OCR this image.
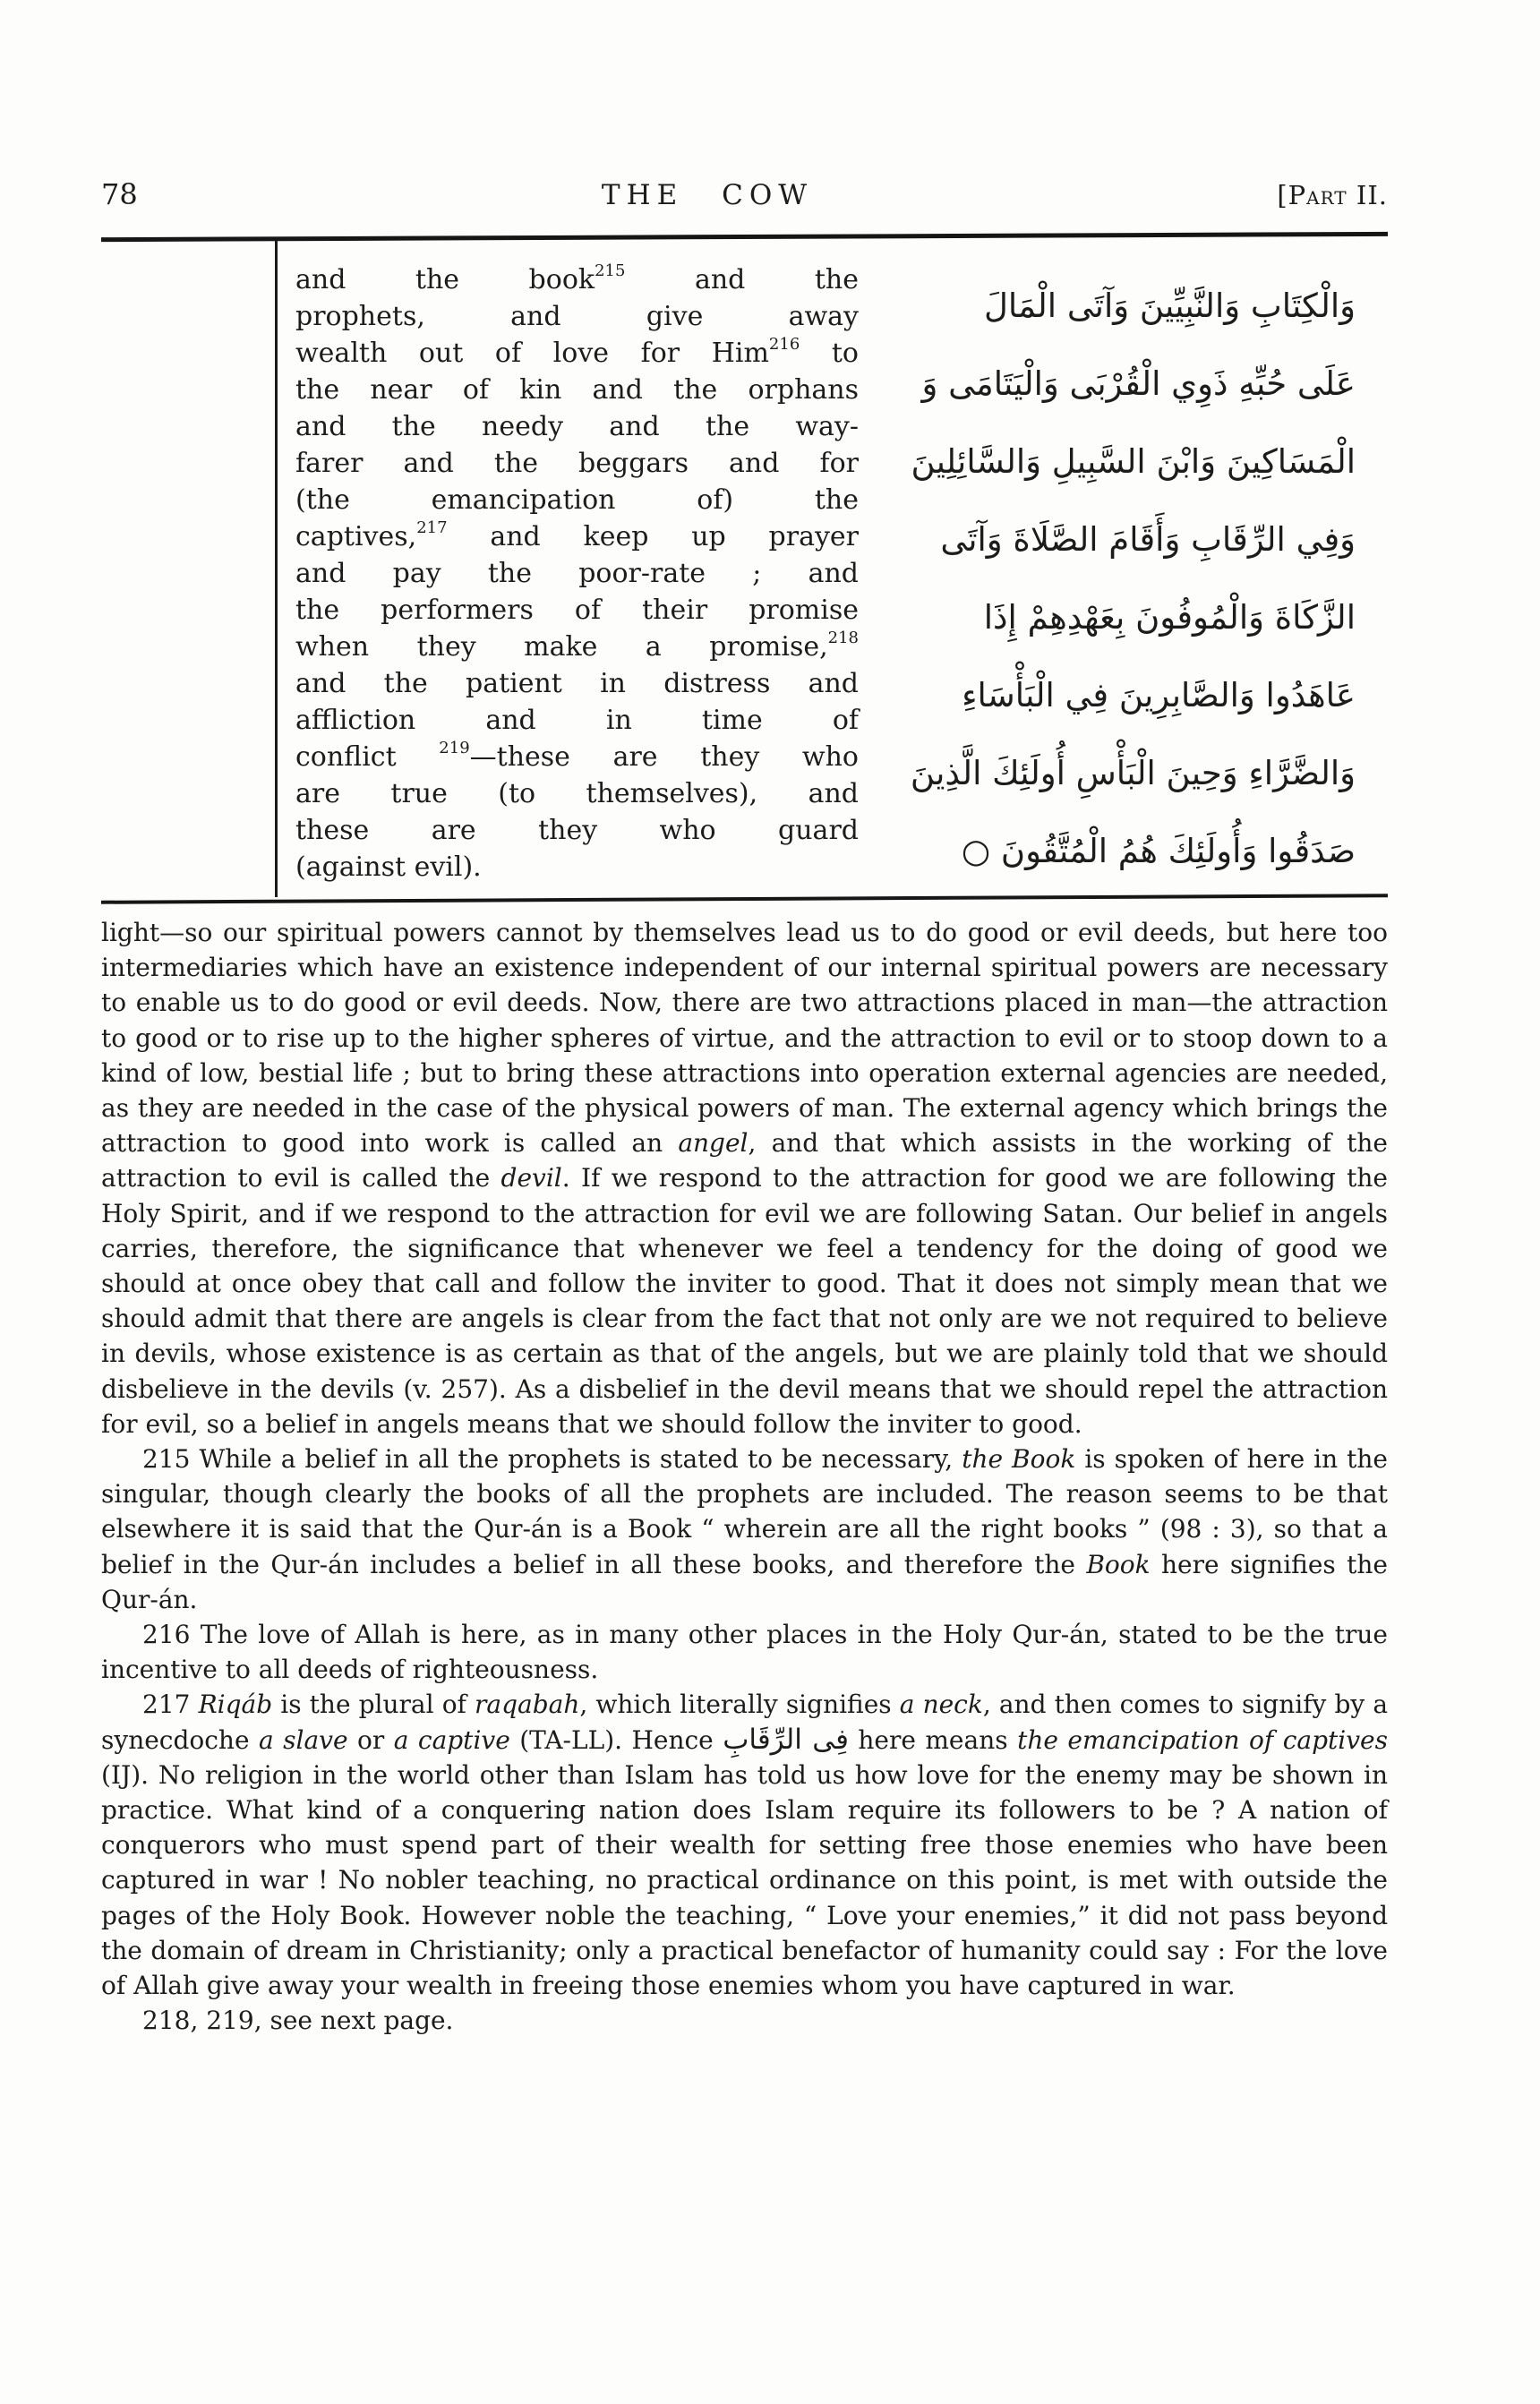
78	THE COW	[Part II.
and the book$^{215}$ and the
prophets, and give away
wealth out of love for Him$^{216}$ to
the near of kin and the orphans
and the needy and the way-
farer and the beggars and for
(the emancipation of) the
captives,$^{217}$ and keep up prayer
and pay the poor-rate ; and
the performers of their promise
when they make a promise,$^{218}$
and the patient in distress and
affliction and in time of
conflict $^{219}$—these are they who
are true (to themselves), and
these are they who guard
(against evil).
وَالْكِتَابِ وَالنَّبِيِّينَ وَآتَى الْمَالَ
عَلَى حُبِّهِ ذَوِي الْقُرْبَى وَالْيَتَامَى وَ
الْمَسَاكِينَ وَابْنَ السَّبِيلِ وَالسَّائِلِينَ
وَفِي الرِّقَابِ وَأَقَامَ الصَّلَاةَ وَآتَى
الزَّكَاةَ وَالْمُوفُونَ بِعَهْدِهِمْ إِذَا
عَاهَدُوا وَالصَّابِرِينَ فِي الْبَأْسَاءِ
وَالضَّرَّاءِ وَحِينَ الْبَأْسِ أُولَئِكَ الَّذِينَ
صَدَقُوا وَأُولَئِكَ هُمُ الْمُتَّقُونَ ○

light—so our spiritual powers cannot by themselves lead us to do good or evil deeds, but here too intermediaries which have an existence independent of our internal spiritual powers are necessary to enable us to do good or evil deeds. Now, there are two attractions placed in man—the attraction to good or to rise up to the higher spheres of virtue, and the attraction to evil or to stoop down to a kind of low, bestial life ; but to bring these attractions into operation external agencies are needed, as they are needed in the case of the physical powers of man. The external agency which brings the attraction to good into work is called an angel, and that which assists in the working of the attraction to evil is called the devil. If we respond to the attraction for good we are following the Holy Spirit, and if we respond to the attraction for evil we are following Satan. Our belief in angels carries, therefore, the significance that whenever we feel a tendency for the doing of good we should at once obey that call and follow the inviter to good. That it does not simply mean that we should admit that there are angels is clear from the fact that not only are we not required to believe in devils, whose existence is as certain as that of the angels, but we are plainly told that we should disbelieve in the devils (v. 257). As a disbelief in the devil means that we should repel the attraction for evil, so a belief in angels means that we should follow the inviter to good.

215 While a belief in all the prophets is stated to be necessary, the Book is spoken of here in the singular, though clearly the books of all the prophets are included. The reason seems to be that elsewhere it is said that the Qur-án is a Book “ wherein are all the right books ” (98 : 3), so that a belief in the Qur-án includes a belief in all these books, and therefore the Book here signifies the Qur-án.

216 The love of Allah is here, as in many other places in the Holy Qur-án, stated to be the true incentive to all deeds of righteousness.

217 Riqáb is the plural of raqabah, which literally signifies a neck, and then comes to signify by a synecdoche a slave or a captive (TA-LL). Hence فِى الرِّقَابِ here means the emancipation of captives (IJ). No religion in the world other than Islam has told us how love for the enemy may be shown in practice. What kind of a conquering nation does Islam require its followers to be ? A nation of conquerors who must spend part of their wealth for setting free those enemies who have been captured in war ! No nobler teaching, no practical ordinance on this point, is met with outside the pages of the Holy Book. However noble the teaching, “ Love your enemies,” it did not pass beyond the domain of dream in Christianity; only a practical benefactor of humanity could say : For the love of Allah give away your wealth in freeing those enemies whom you have captured in war.

218, 219, see next page.
